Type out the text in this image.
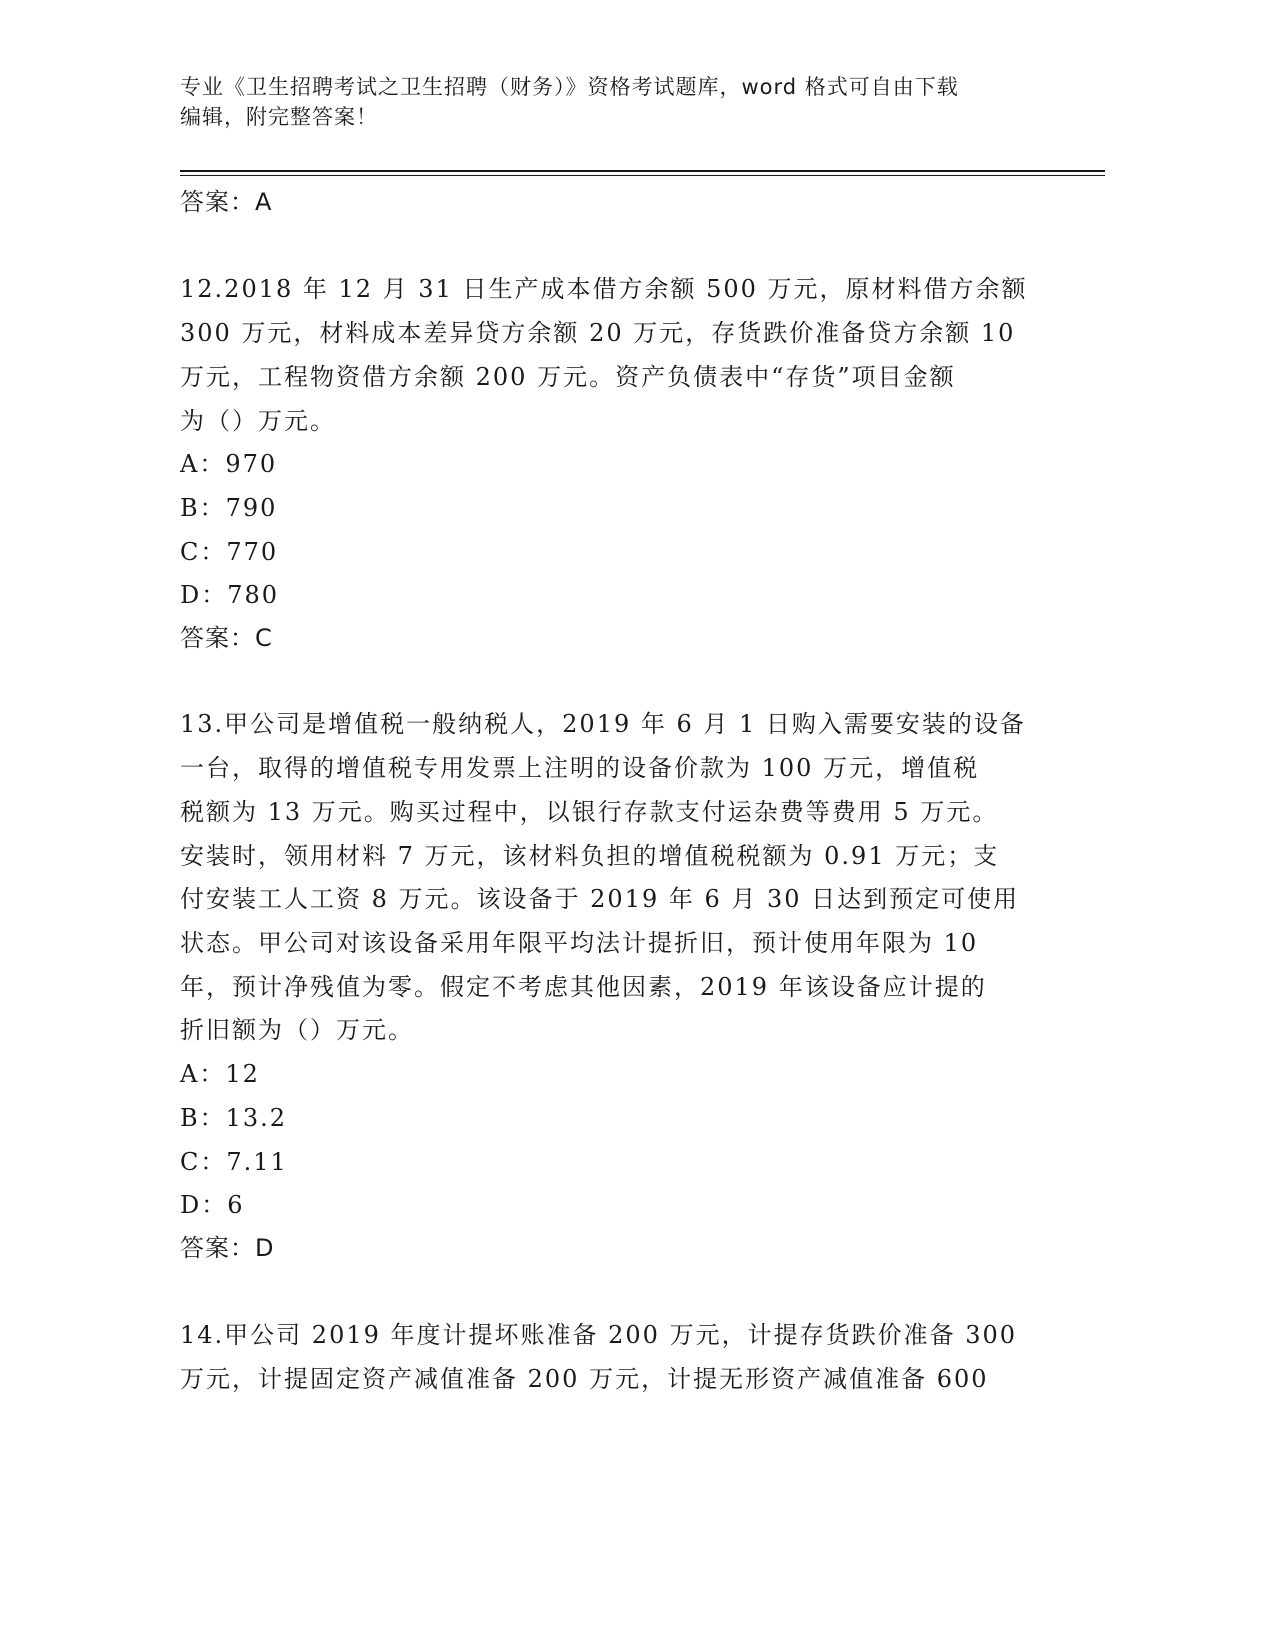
专业《卫生招聘考试之卫生招聘（财务）》资格考试题库，word 格式可自由下载
编辑，附完整答案！
答案：A
12.2018 年 12 月 31 日生产成本借方余额 500 万元，原材料借方余额
300 万元，材料成本差异贷方余额 20 万元，存货跌价准备贷方余额 10
万元，工程物资借方余额 200 万元。资产负债表中“存货”项目金额
为（）万元。
A：970
B：790
C：770
D：780
答案：C
13.甲公司是增值税一般纳税人，2019 年 6 月 1 日购入需要安装的设备
一台，取得的增值税专用发票上注明的设备价款为 100 万元，增值税
税额为 13 万元。购买过程中，以银行存款支付运杂费等费用 5 万元。
安装时，领用材料 7 万元，该材料负担的增值税税额为 0.91 万元；支
付安装工人工资 8 万元。该设备于 2019 年 6 月 30 日达到预定可使用
状态。甲公司对该设备采用年限平均法计提折旧，预计使用年限为 10
年，预计净残值为零。假定不考虑其他因素，2019 年该设备应计提的
折旧额为（）万元。
A：12
B：13.2
C：7.11
D：6
答案：D
14.甲公司 2019 年度计提坏账准备 200 万元，计提存货跌价准备 300
万元，计提固定资产减值准备 200 万元，计提无形资产减值准备 600
